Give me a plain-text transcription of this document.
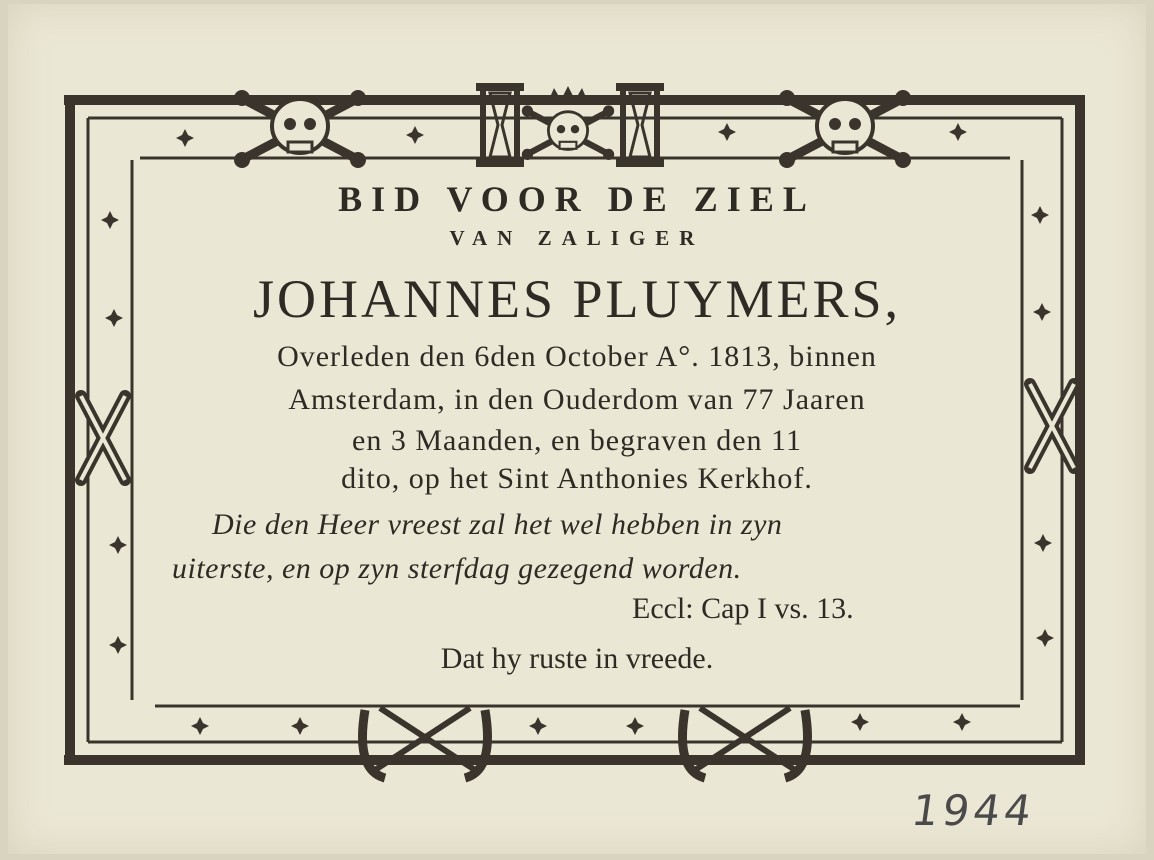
BID VOOR DE ZIEL
VAN ZALIGER
JOHANNES PLUYMERS,
Overleden den 6den October A°. 1813, binnen
Amsterdam, in den Ouderdom van 77 Jaaren
en 3 Maanden, en begraven den 11
dito, op het Sint Anthonies Kerkhof.
Die den Heer vreest zal het wel hebben in zyn
uiterste, en op zyn sterfdag gezegend worden.
Eccl: Cap I vs. 13.
Dat hy ruste in vreede.
1944
